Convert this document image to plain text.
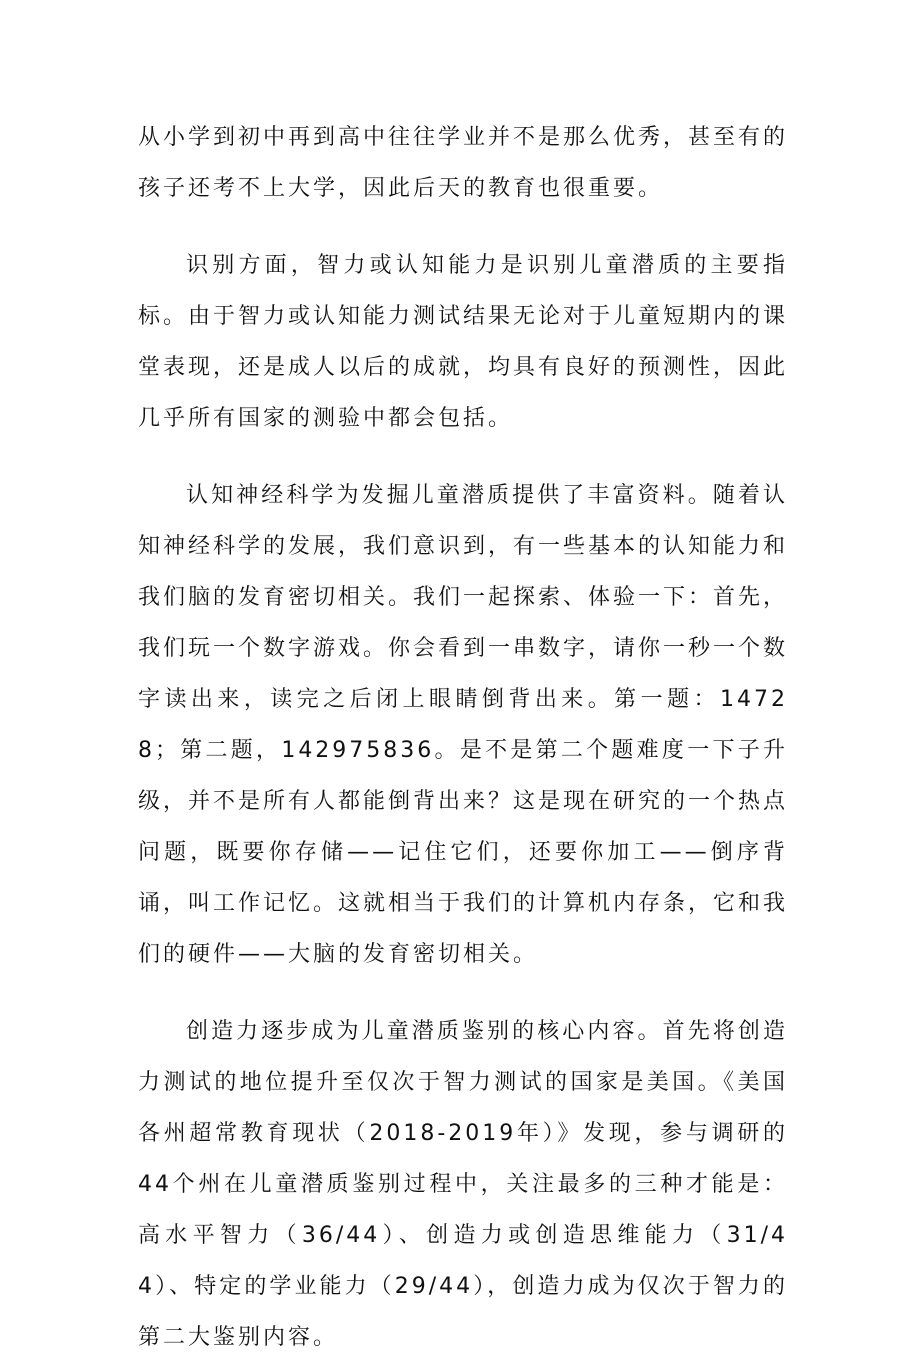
从小学到初中再到高中往往学业并不是那么优秀，甚至有的孩子还考不上大学，因此后天的教育也很重要。

识别方面，智力或认知能力是识别儿童潜质的主要指标。由于智力或认知能力测试结果无论对于儿童短期内的课堂表现，还是成人以后的成就，均具有良好的预测性，因此几乎所有国家的测验中都会包括。

认知神经科学为发掘儿童潜质提供了丰富资料。随着认知神经科学的发展，我们意识到，有一些基本的认知能力和我们脑的发育密切相关。我们一起探索、体验一下：首先，我们玩一个数字游戏。你会看到一串数字，请你一秒一个数字读出来，读完之后闭上眼睛倒背出来。第一题：14728；第二题，142975836。是不是第二个题难度一下子升级，并不是所有人都能倒背出来？这是现在研究的一个热点问题，既要你存储——记住它们，还要你加工——倒序背诵，叫工作记忆。这就相当于我们的计算机内存条，它和我们的硬件——大脑的发育密切相关。

创造力逐步成为儿童潜质鉴别的核心内容。首先将创造力测试的地位提升至仅次于智力测试的国家是美国。《美国各州超常教育现状（2018-2019年）》发现，参与调研的44个州在儿童潜质鉴别过程中，关注最多的三种才能是：高水平智力（36/44）、创造力或创造思维能力（31/44）、特定的学业能力（29/44），创造力成为仅次于智力的第二大鉴别内容。
